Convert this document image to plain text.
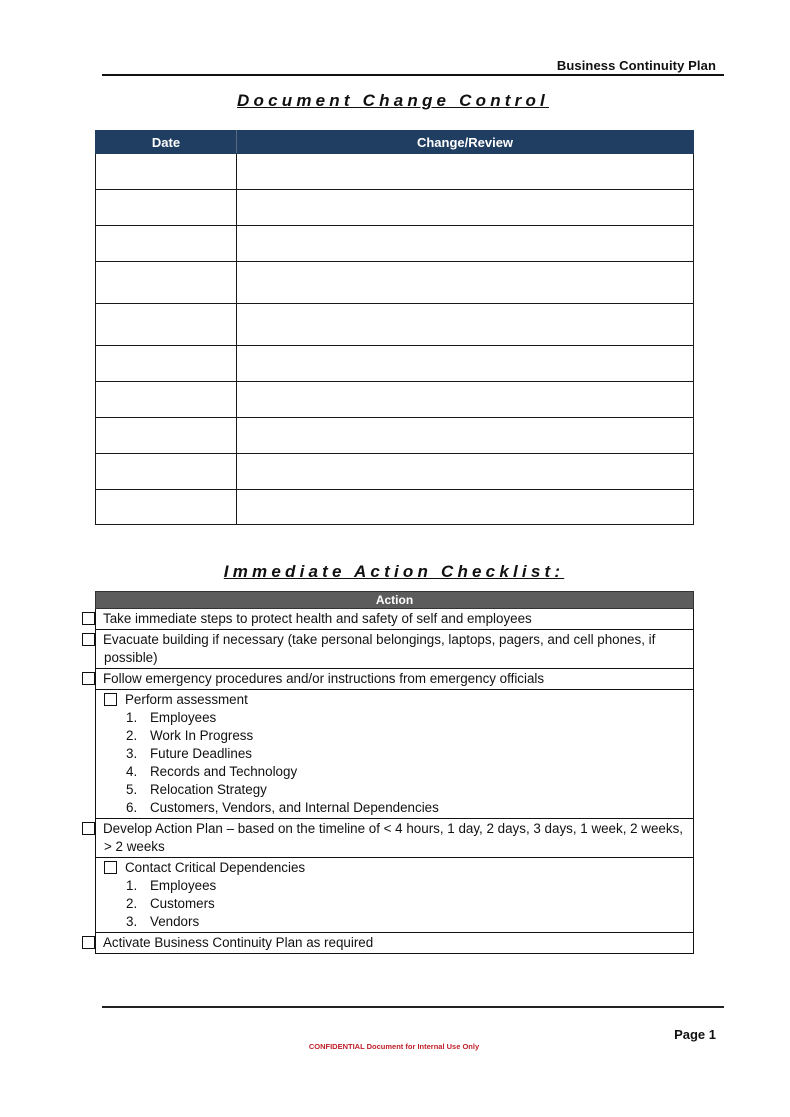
Business Continuity Plan
Document Change Control
Date	Change/Review

Immediate Action Checklist:
Action
Take immediate steps to protect health and safety of self and employees
Evacuate building if necessary (take personal belongings, laptops, pagers, and cell phones, if possible)
Follow emergency procedures and/or instructions from emergency officials

Perform assessment
1. Employees
2. Work In Progress
3. Future Deadlines
4. Records and Technology
5. Relocation Strategy
6. Customers, Vendors, and Internal Dependencies

Develop Action Plan – based on the timeline of < 4 hours, 1 day, 2 days, 3 days, 1 week, 2 weeks, > 2 weeks

Contact Critical Dependencies
1. Employees
2. Customers
3. Vendors

Activate Business Continuity Plan as required
Page 1
CONFIDENTIAL Document for Internal Use Only
